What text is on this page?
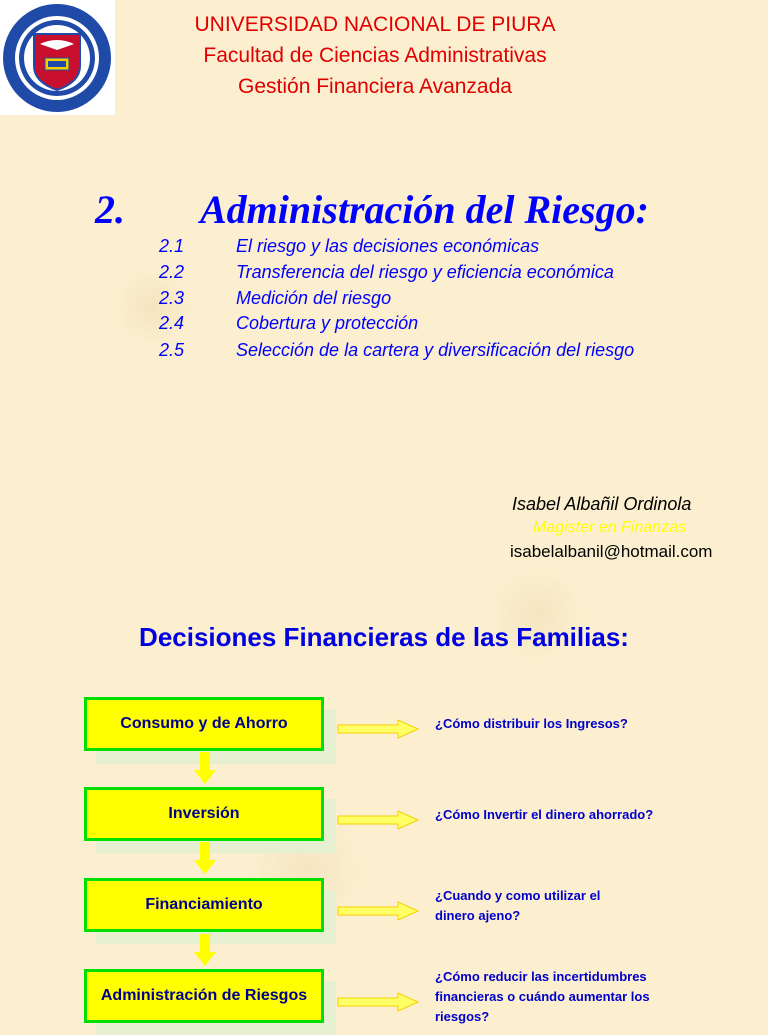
UNIVERSIDAD NACIONAL DE PIURA
Facultad de Ciencias Administrativas
Gestión Financiera Avanzada
2. Administración del Riesgo:
2.1	El riesgo y las decisiones económicas
2.2	Transferencia del riesgo y eficiencia económica
2.3	Medición del riesgo
2.4	Cobertura y protección
2.5	Selección de la cartera y diversificación del riesgo
Isabel Albañil Ordinola
Magister en Finanzas
isabelalbanil@hotmail.com
Decisiones Financieras de las Familias:
Consumo y de Ahorro
Inversión
Financiamiento
Administración de Riesgos
¿Cómo distribuir los Ingresos?
¿Cómo Invertir el dinero ahorrado?
¿Cuando y como utilizar el
dinero ajeno?
¿Cómo reducir las incertidumbres
financieras o cuándo aumentar los
riesgos?
